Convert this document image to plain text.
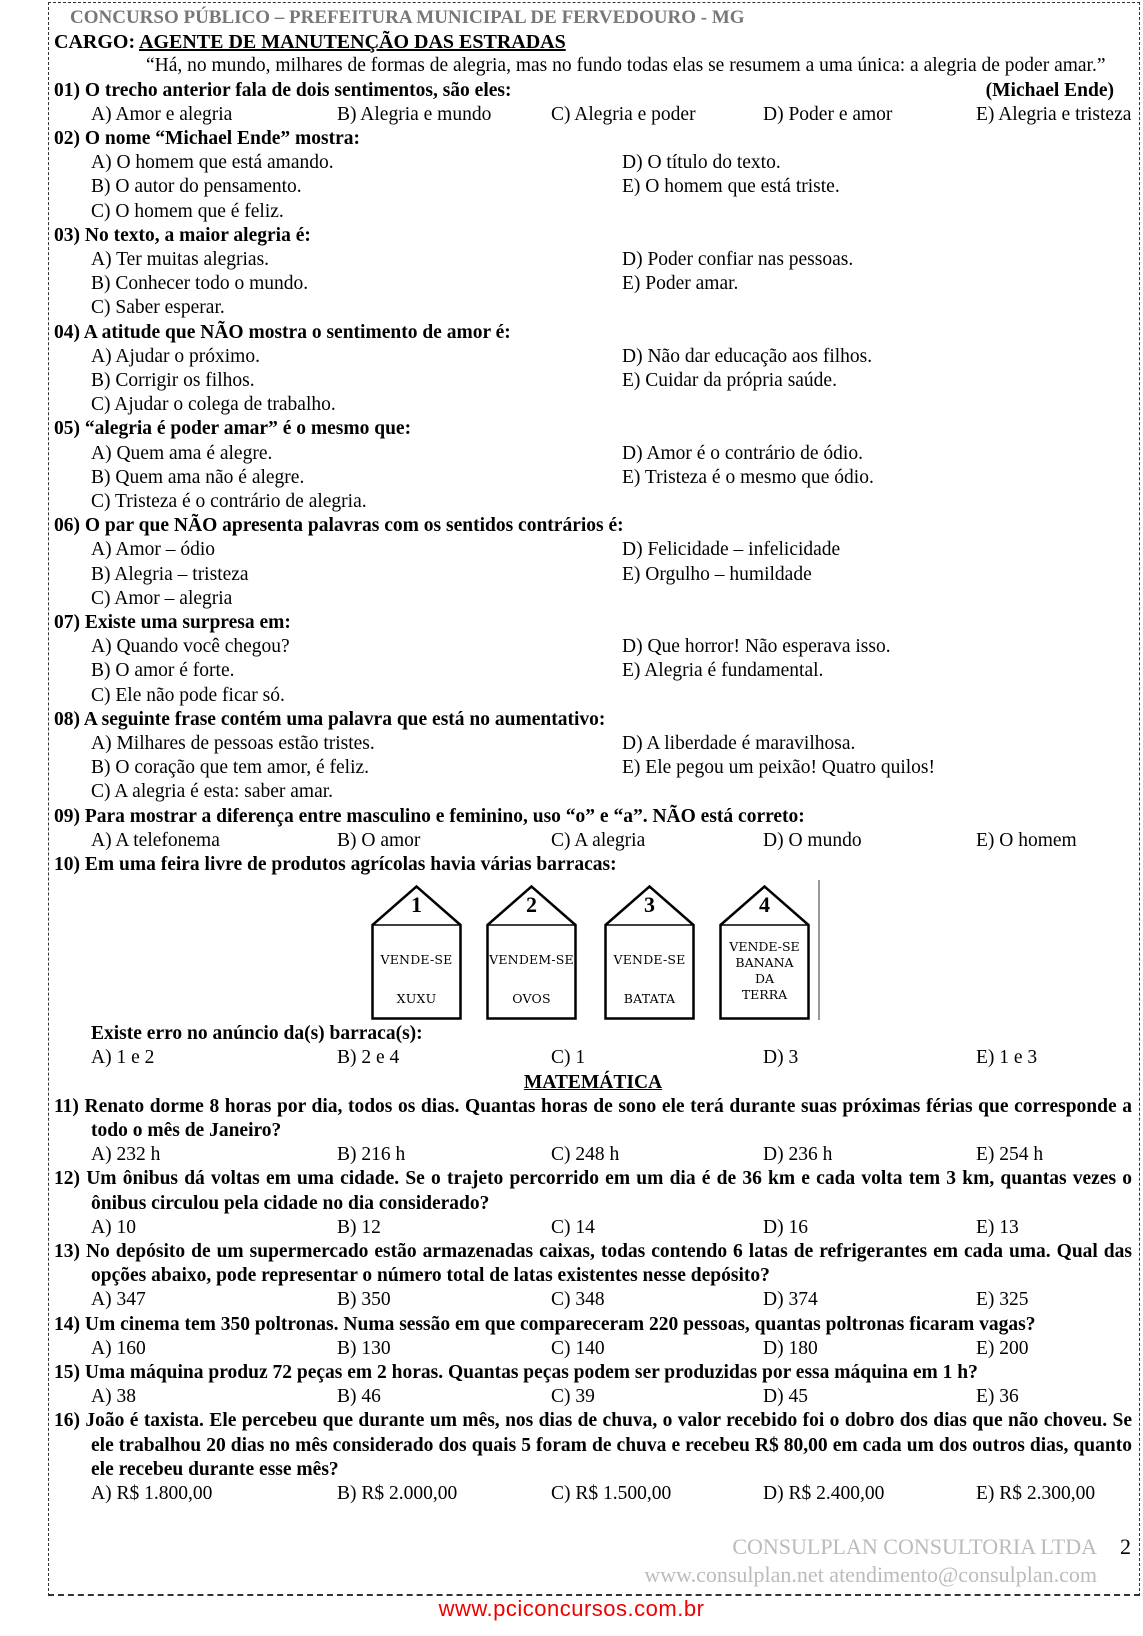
CONCURSO PÚBLICO – PREFEITURA MUNICIPAL DE FERVEDOURO - MG
CARGO: AGENTE DE MANUTENÇÃO DAS ESTRADAS
“Há, no mundo, milhares de formas de alegria, mas no fundo todas elas se resumem a uma única: a alegria de poder amar.”
(Michael Ende)
01) O trecho anterior fala de dois sentimentos, são eles:
A) Amor e alegria	B) Alegria e mundo	C) Alegria e poder	D) Poder e amor	E) Alegria e tristeza
02) O nome “Michael Ende” mostra:
A) O homem que está amando.	D) O título do texto.
B) O autor do pensamento.	E) O homem que está triste.
C) O homem que é feliz.
03) No texto, a maior alegria é:
A) Ter muitas alegrias.	D) Poder confiar nas pessoas.
B) Conhecer todo o mundo.	E) Poder amar.
C) Saber esperar.
04) A atitude que NÃO mostra o sentimento de amor é:
A) Ajudar o próximo.	D) Não dar educação aos filhos.
B) Corrigir os filhos.	E) Cuidar da própria saúde.
C) Ajudar o colega de trabalho.
05) “alegria é poder amar” é o mesmo que:
A) Quem ama é alegre.	D) Amor é o contrário de ódio.
B) Quem ama não é alegre.	E) Tristeza é o mesmo que ódio.
C) Tristeza é o contrário de alegria.
06) O par que NÃO apresenta palavras com os sentidos contrários é:
A) Amor – ódio	D) Felicidade – infelicidade
B) Alegria – tristeza	E) Orgulho – humildade
C) Amor – alegria
07) Existe uma surpresa em:
A) Quando você chegou?	D) Que horror! Não esperava isso.
B) O amor é forte.	E) Alegria é fundamental.
C) Ele não pode ficar só.
08) A seguinte frase contém uma palavra que está no aumentativo:
A) Milhares de pessoas estão tristes.	D) A liberdade é maravilhosa.
B) O coração que tem amor, é feliz.	E) Ele pegou um peixão! Quatro quilos!
C) A alegria é esta: saber amar.
09) Para mostrar a diferença entre masculino e feminino, uso “o” e “a”. NÃO está correto:
A) A telefonema	B) O amor	C) A alegria	D) O mundo	E) O homem
10) Em uma feira livre de produtos agrícolas havia várias barracas:
1
VENDE-SE
XUXU
2
VENDEM-SE
OVOS
3
VENDE-SE
BATATA
4
VENDE-SE
BANANA
DA
TERRA
Existe erro no anúncio da(s) barraca(s):
A) 1 e 2	B) 2 e 4	C) 1	D) 3	E) 1 e 3
MATEMÁTICA
11) Renato dorme 8 horas por dia, todos os dias. Quantas horas de sono ele terá durante suas próximas férias que corresponde a todo o mês de Janeiro?
A) 232 h	B) 216 h	C) 248 h	D) 236 h	E) 254 h
12) Um ônibus dá voltas em uma cidade. Se o trajeto percorrido em um dia é de 36 km e cada volta tem 3 km, quantas vezes o ônibus circulou pela cidade no dia considerado?
A) 10	B) 12	C) 14	D) 16	E) 13
13) No depósito de um supermercado estão armazenadas caixas, todas contendo 6 latas de refrigerantes em cada uma. Qual das opções abaixo, pode representar o número total de latas existentes nesse depósito?
A) 347	B) 350	C) 348	D) 374	E) 325
14) Um cinema tem 350 poltronas. Numa sessão em que compareceram 220 pessoas, quantas poltronas ficaram vagas?
A) 160	B) 130	C) 140	D) 180	E) 200
15) Uma máquina produz 72 peças em 2 horas. Quantas peças podem ser produzidas por essa máquina em 1 h?
A) 38	B) 46	C) 39	D) 45	E) 36
16) João é taxista. Ele percebeu que durante um mês, nos dias de chuva, o valor recebido foi o dobro dos dias que não choveu. Se ele trabalhou 20 dias no mês considerado dos quais 5 foram de chuva e recebeu R$ 80,00 em cada um dos outros dias, quanto ele recebeu durante esse mês?
A) R$ 1.800,00	B) R$ 2.000,00	C) R$ 1.500,00	D) R$ 2.400,00	E) R$ 2.300,00
CONSULPLAN CONSULTORIA LTDA 2
www.consulplan.net atendimento@consulplan.com
www.pciconcursos.com.br
